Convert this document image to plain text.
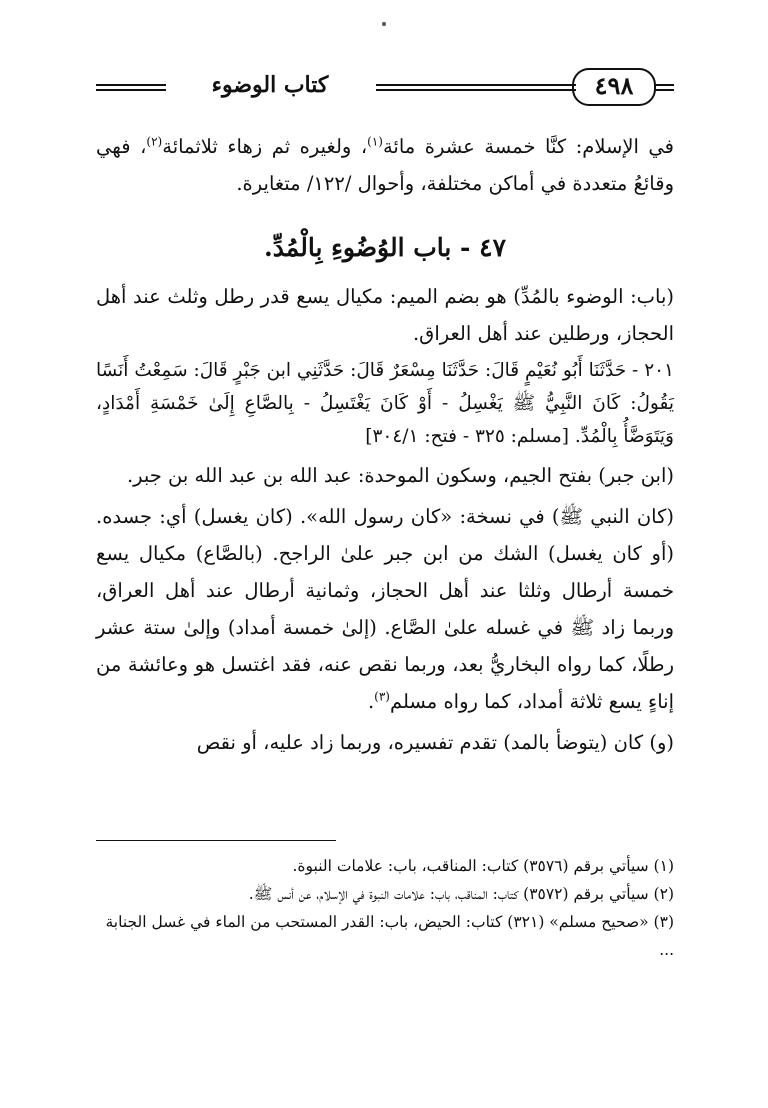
٤٩٨
كتاب الوضوء

في الإسلام: كنَّا خمسة عشرة مائة$^{(١)}$، ولغيره ثم زهاء ثلاثمائة$^{(٢)}$، فهي وقائعُ متعددة في أماكن مختلفة، وأحوال /١٢٢/ متغايرة.

٤٧ - باب الوُضُوءِ بِالْمُدِّ.

(باب: الوضوء بالمُدِّ) هو بضم الميم: مكيال يسع قدر رطل وثلث عند أهل الحجاز، ورطلين عند أهل العراق.

٢٠١ - حَدَّثَنَا أَبُو نُعَيْمٍ قَالَ: حَدَّثَنَا مِسْعَرٌ قَالَ: حَدَّثَنِي ابن جَبْرٍ قَالَ: سَمِعْتُ أَنَسًا يَقُولُ: كَانَ النَّبِيُّ ﷺ يَغْسِلُ - أَوْ كَانَ يَغْتَسِلُ - بِالصَّاعِ إِلَىٰ خَمْسَةِ أَمْدَادٍ، وَيَتَوَضَّأُ بِالْمُدِّ. [مسلم: ٣٢٥ - فتح: ٣٠٤/١]

(ابن جبر) بفتح الجيم، وسكون الموحدة: عبد الله بن عبد الله بن جبر.

(كان النبي ﷺ) في نسخة: «كان رسول الله». (كان يغسل) أي: جسده. (أو كان يغسل) الشك من ابن جبر علىٰ الراجح. (بالصَّاع) مكيال يسع خمسة أرطال وثلثا عند أهل الحجاز، وثمانية أرطال عند أهل العراق، وربما زاد ﷺ في غسله علىٰ الصَّاع. (إلىٰ خمسة أمداد) وإلىٰ ستة عشر رطلًا، كما رواه البخاريُّ بعد، وربما نقص عنه، فقد اغتسل هو وعائشة من إناءٍ يسع ثلاثة أمداد، كما رواه مسلم$^{(٣)}$.

(و) كان (يتوضأ بالمد) تقدم تفسيره، وربما زاد عليه، أو نقص

(١) سيأتي برقم (٣٥٧٦) كتاب: المناقب، باب: علامات النبوة.

(٢) سيأتي برقم (٣٥٧٢) كتاب: المناقب، باب: علامات النبوة في الإسلام، عن أنس ﷺ.

(٣) «صحيح مسلم» (٣٢١) كتاب: الحيض، باب: القدر المستحب من الماء في غسل الجنابة ...
